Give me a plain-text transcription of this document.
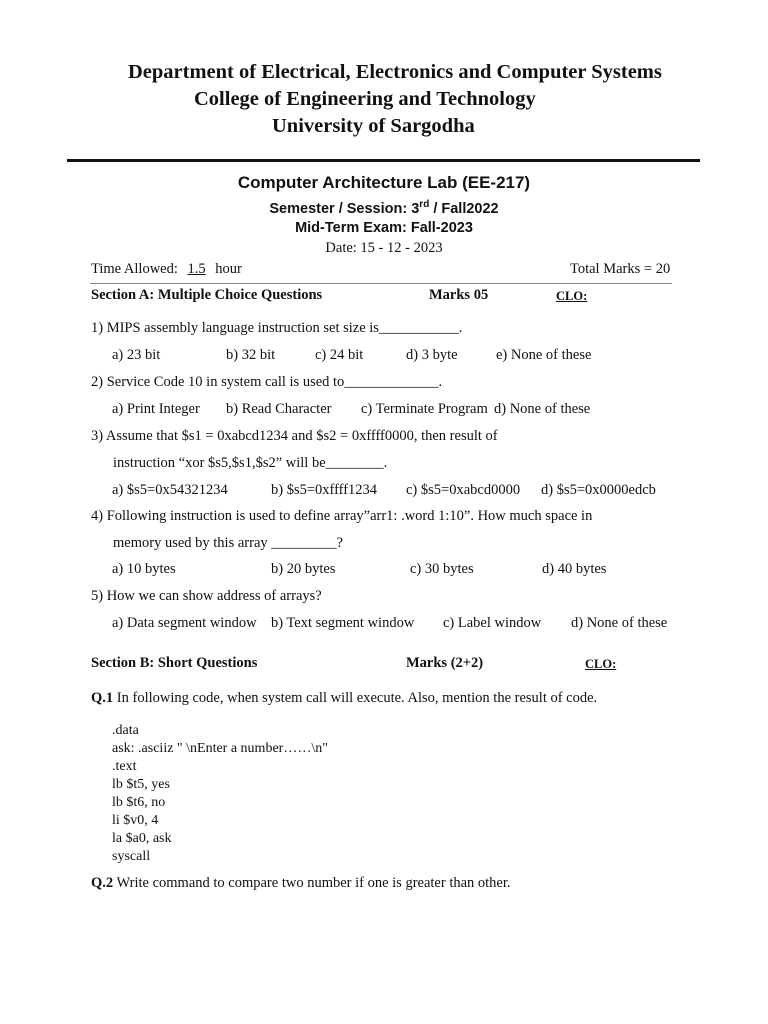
Department of Electrical, Electronics and Computer Systems
College of Engineering and Technology
University of Sargodha
Computer Architecture Lab (EE-217)
Semester / Session: 3rd / Fall2022
Mid-Term Exam: Fall-2023
Date: 15 - 12 - 2023
Time Allowed: 1.5 hour	Total Marks = 20
Section A: Multiple Choice Questions	Marks 05	CLO:
1) MIPS assembly language instruction set size is___________.
a) 23 bit	b) 32 bit	c) 24 bit	d) 3 byte	e) None of these
2) Service Code 10 in system call is used to_____________.
a) Print Integer b) Read Character c) Terminate Program d) None of these
3) Assume that $s1 = 0xabcd1234 and $s2 = 0xffff0000, then result of
instruction “xor $s5,$s1,$s2” will be________.
a) $s5=0x54321234	b) $s5=0xffff1234 c) $s5=0xabcd0000 d) $s5=0x0000edcb
4) Following instruction is used to define array”arr1: .word 1:10”. How much space in
memory used by this array _________?
a) 10 bytes	b) 20 bytes	c) 30 bytes	d) 40 bytes
5) How we can show address of arrays?
a) Data segment window b) Text segment window c) Label window d) None of these
Section B: Short Questions	Marks (2+2)	CLO:
Q.1 In following code, when system call will execute. Also, mention the result of code.
.data
ask: .asciiz " \nEnter a number……\n"
.text
lb $t5, yes
lb $t6, no
li $v0, 4
la $a0, ask
syscall
Q.2 Write command to compare two number if one is greater than other.
